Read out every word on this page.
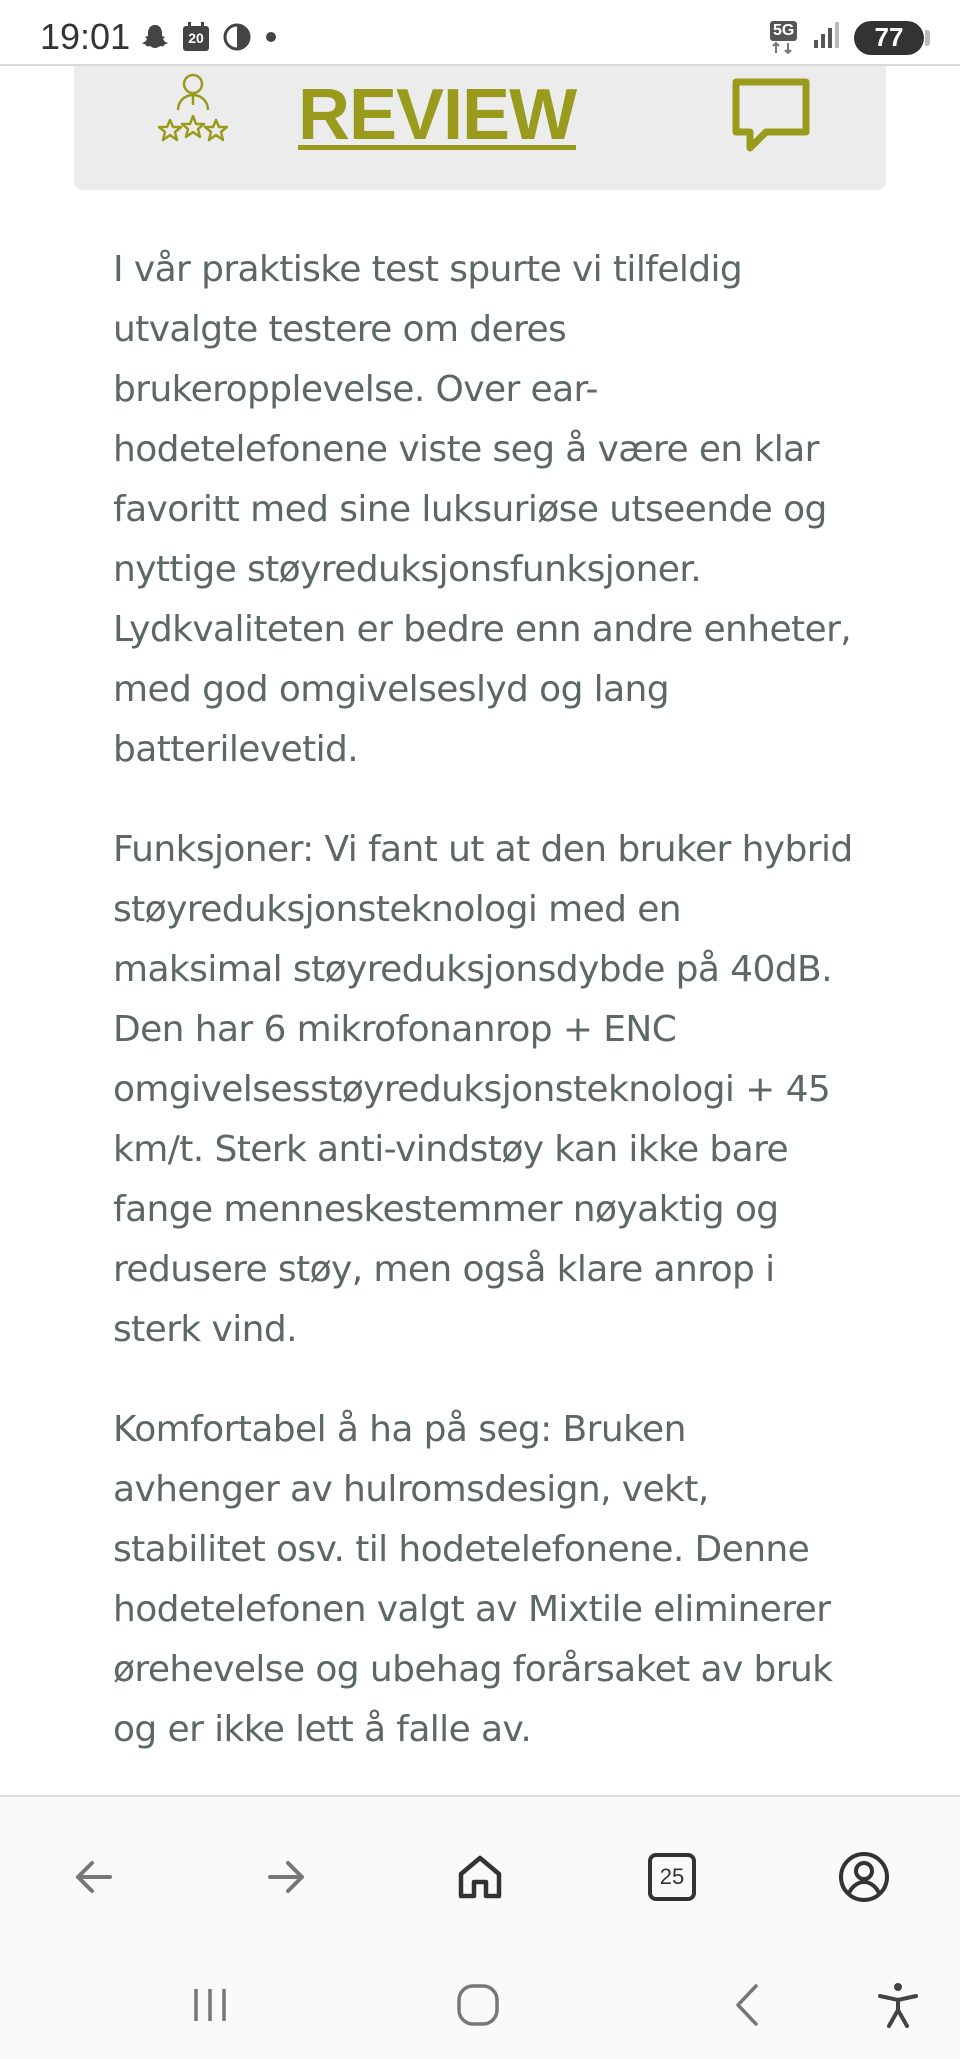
19:01	20	5G	77
REVIEW

I vår praktiske test spurte vi tilfeldig utvalgte testere om deres brukeropplevelse. Over ear-hodetelefonene viste seg å være en klar favoritt med sine luksuriøse utseende og nyttige støyreduksjonsfunksjoner. Lydkvaliteten er bedre enn andre enheter, med god omgivelseslyd og lang batterilevetid.

Funksjoner: Vi fant ut at den bruker hybrid støyreduksjonsteknologi med en maksimal støyreduksjonsdybde på 40dB. Den har 6 mikrofonanrop + ENC omgivelsesstøyreduksjonsteknologi + 45 km/t. Sterk anti-vindstøy kan ikke bare fange menneskestemmer nøyaktig og redusere støy, men også klare anrop i sterk vind.

Komfortabel å ha på seg: Bruken avhenger av hulromsdesign, vekt, stabilitet osv. til hodetelefonene. Denne hodetelefonen valgt av Mixtile eliminerer ørehevelse og ubehag forårsaket av bruk og er ikke lett å falle av.

25
